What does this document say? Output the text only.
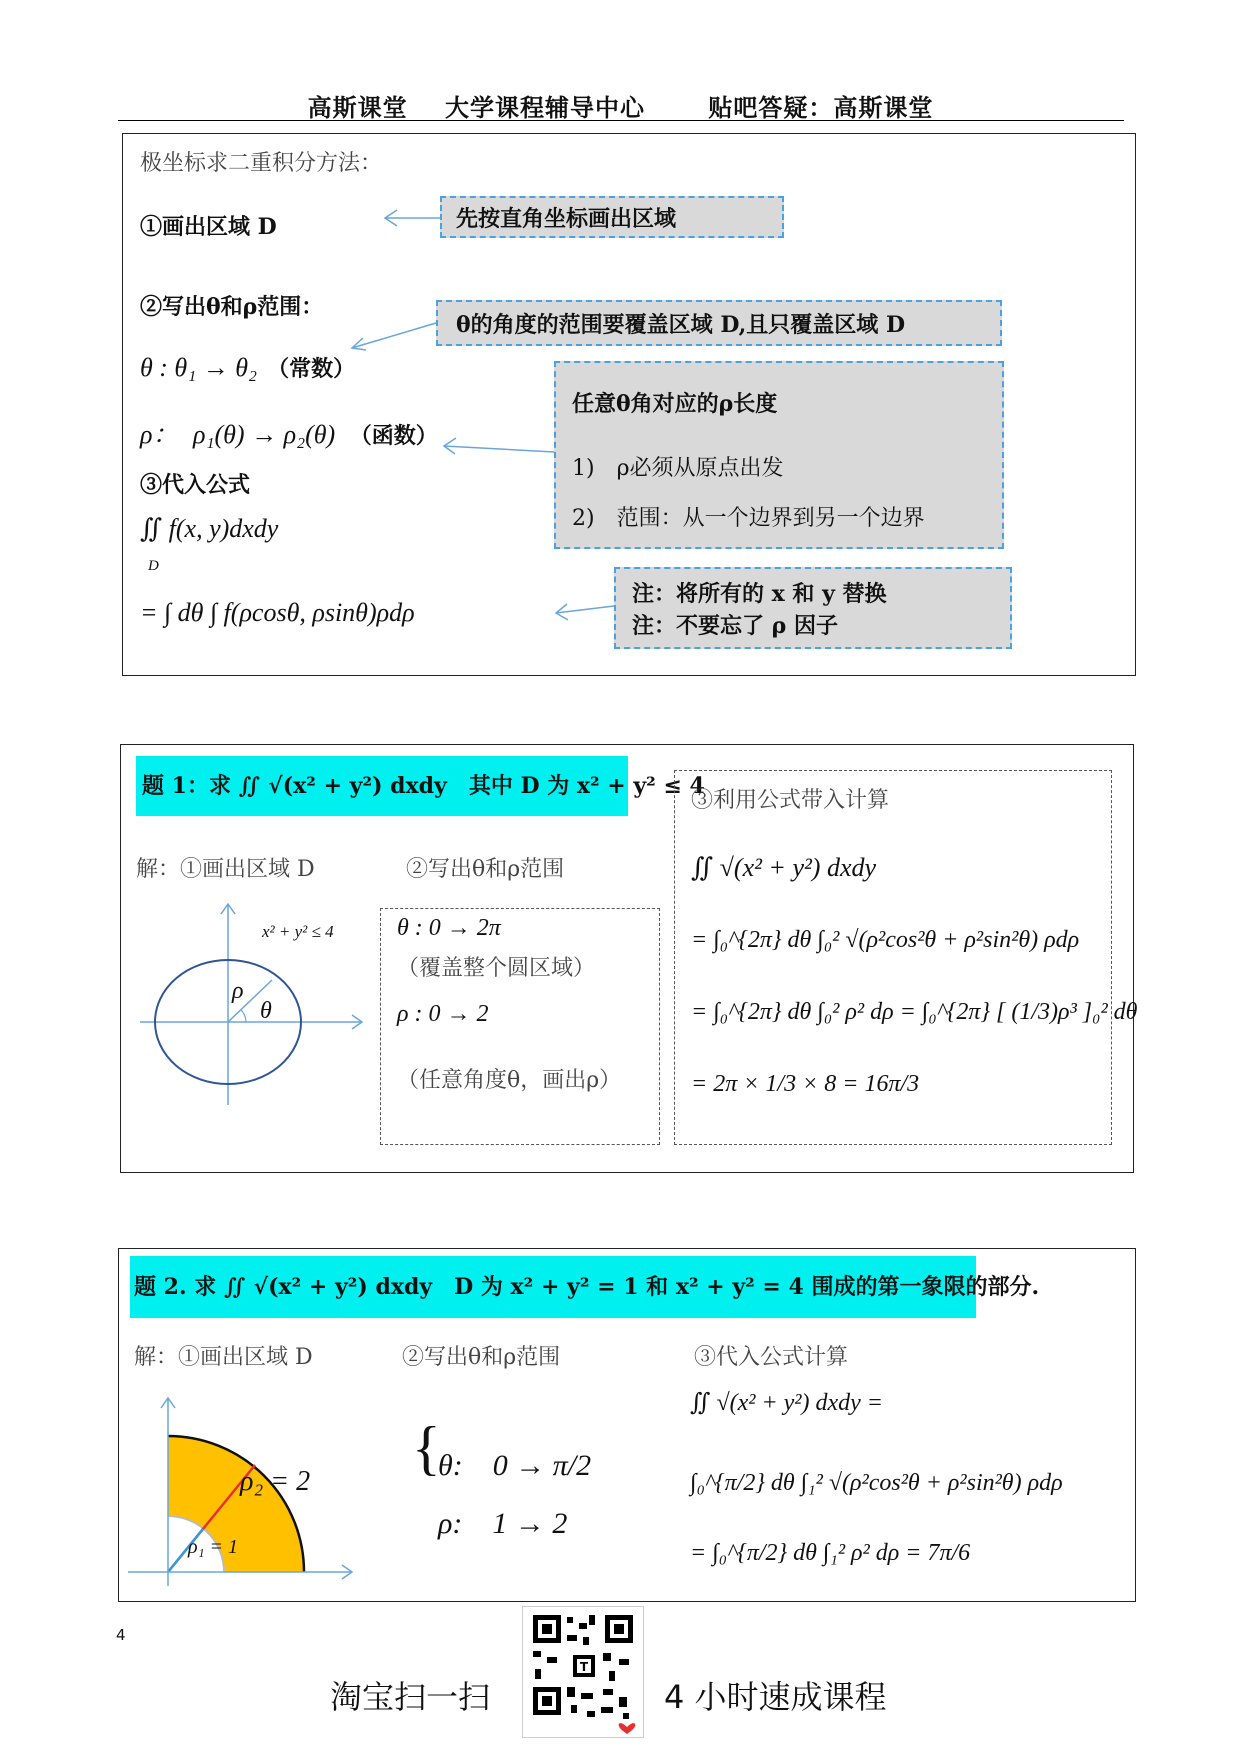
高斯课堂 大学课程辅导中心	贴吧答疑：高斯课堂
极坐标求二重积分方法：
①画出区域 D	先按直角坐标画出区域
②写出θ和ρ范围：
θ的角度的范围要覆盖区域 D,且只覆盖区域 D
θ : θ₁ → θ₂ （常数）
ρ： ρ₁(θ) → ρ₂(θ) （函数）
任意θ角对应的ρ长度
1)　ρ必须从原点出发
2)　范围：从一个边界到另一个边界
③代入公式
∬ f(x, y)dxdy
D
= ∫ dθ ∫ f(ρcosθ, ρsinθ)ρdρ
注：将所有的 x 和 y 替换
注：不要忘了 ρ 因子
题 1：求 ∬ √(x² + y²) dxdy　其中 D 为 x² + y² ≤ 4
解：①画出区域 D	②写出θ和ρ范围
x² + y² ≤ 4
ρ
θ
θ : 0 → 2π
（覆盖整个圆区域）
ρ : 0 → 2
（任意角度θ，画出ρ）
③利用公式带入计算
∬ √(x² + y²) dxdy
= ∫₀^{2π} dθ ∫₀² √(ρ²cos²θ + ρ²sin²θ) ρdρ
= ∫₀^{2π} dθ ∫₀² ρ² dρ = ∫₀^{2π} [ (1/3)ρ³ ]₀² dθ
= 2π × 1/3 × 8 = 16π/3
题 2. 求 ∬ √(x² + y²) dxdy　D 为 x² + y² = 1 和 x² + y² = 4 围成的第一象限的部分.
解：①画出区域 D	②写出θ和ρ范围	③代入公式计算
ρ₂ = 2
ρ₁ = 1
{
θ:　0 → π/2
ρ:　1 → 2
∬ √(x² + y²) dxdy =
∫₀^{π/2} dθ ∫₁² √(ρ²cos²θ + ρ²sin²θ) ρdρ
= ∫₀^{π/2} dθ ∫₁² ρ² dρ = 7π/6
4
淘宝扫一扫
T
4 小时速成课程
